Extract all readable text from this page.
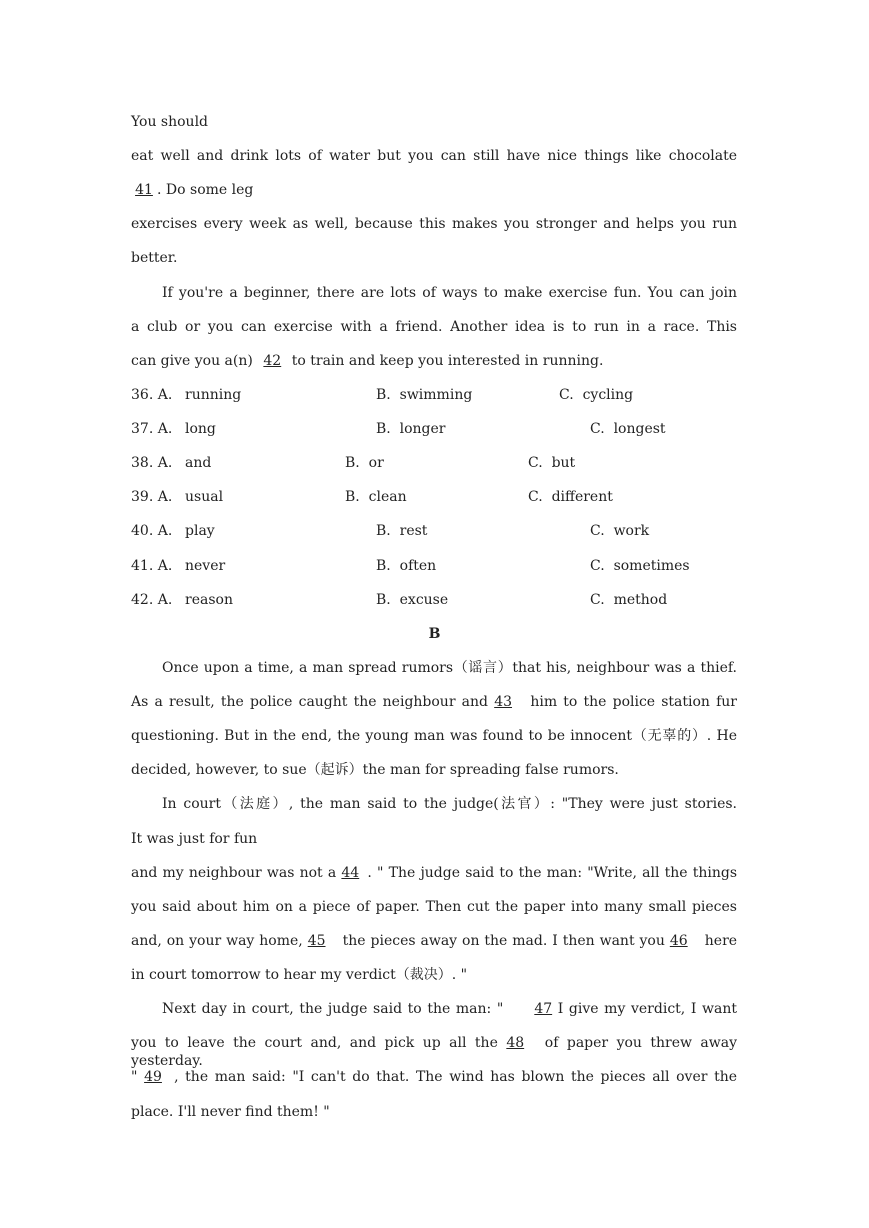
You should
eat well and drink lots of water but you can still have nice things like chocolate
41 . Do some leg
exercises every week as well, because this makes you stronger and helps you run
better.
If you're a beginner, there are lots of ways to make exercise fun. You can join
a club or you can exercise with a friend. Another idea is to run in a race. This
can give you a(n) 42 to train and keep you interested in running.
36. A. running	B.  swimming	C.  cycling
37. A. long	B.  longer	C.  longest
38. A. and	B.  or	C.  but
39. A. usual	B.  clean	C.  different
40. A. play	B.  rest	C.  work
41. A. never	B.  often	C.  sometimes
42. A. reason	B.  excuse	C.  method
B
Once upon a time, a man spread rumors（谣言）that his, neighbour was a thief.
As a result, the police caught the neighbour and 43 him to the police station fur
questioning. But in the end, the young man was found to be innocent（无辜的）. He
decided, however, to sue（起诉）the man for spreading false rumors.
In court（法庭）, the man said to the judge(法官）: "They were just stories.
It was just for fun
and my neighbour was not a 44 . " The judge said to the man: "Write, all the things
you said about him on a piece of paper. Then cut the paper into many small pieces
and, on your way home, 45 the pieces away on the mad. I then want you 46 here
in court tomorrow to hear my verdict（裁决）. "
Next day in court, the judge said to the man: " 47 I give my verdict, I want
you to leave the court and, and pick up all the 48 of paper you threw away yesterday.
" 49 , the man said: "I can't do that. The wind has blown the pieces all over the
place. I'll never find them! "
